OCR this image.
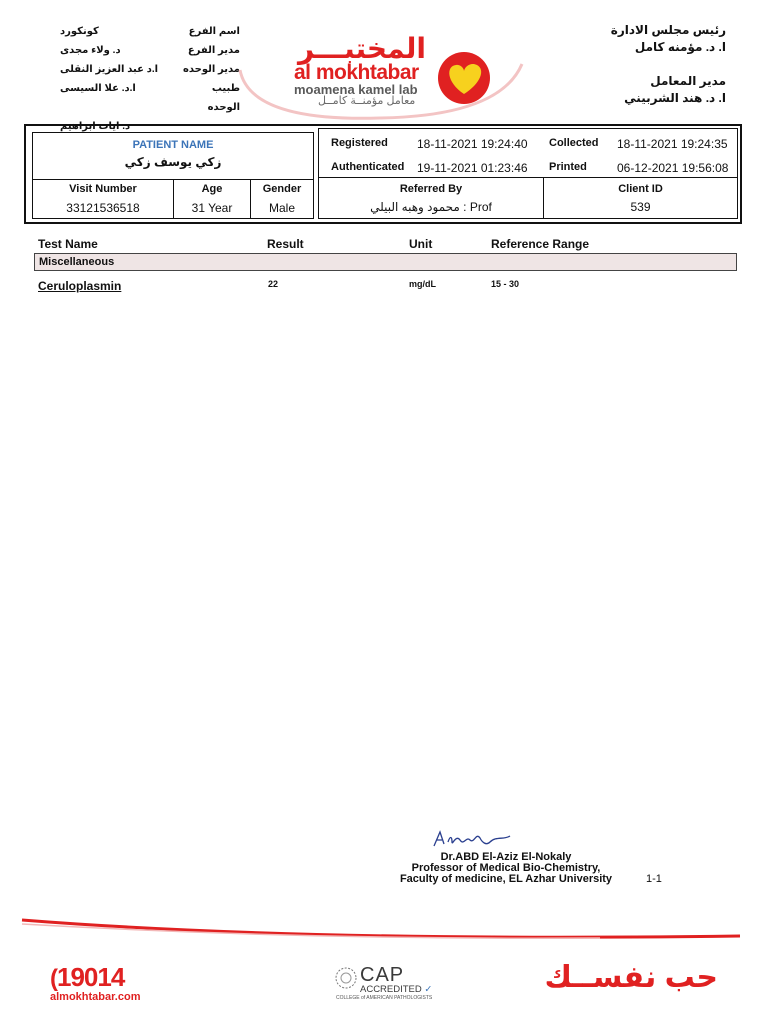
كونكورد	اسم الفرع
د. ولاء مجدى	مدير الفرع
ا.د عبد العزيز النقلى	مدير الوحده
ا.د. علا السيسى	طبيب الوحده
د. ايات ابراهيم
المختبـــر
al mokhtabar
moamena kamel lab
معامل مؤمنــة كامــل
رئيس مجلس الادارة
ا. د. مؤمنه كامل
مدير المعامل
ا. د. هند الشربيني
PATIENT NAME
زكي يوسف زكي
Visit Number
33121536518
Age
31 Year
Gender
Male
Registered 18-11-2021 19:24:40 Collected 18-11-2021 19:24:35
Authenticated 19-11-2021 01:23:46 Printed	06-12-2021 19:56:08
Referred By
Prof : محمود وهبه البيلي
Client ID
539
Test Name	Result	Unit	Reference Range
Miscellaneous
Ceruloplasmin	22	mg/dL	15 - 30
Dr.ABD El-Aziz El-Nokaly
Professor of Medical Bio-Chemistry,
Faculty of medicine, EL Azhar University	1-1
(19014
almokhtabar.com
CAP
ACCREDITED ✓
COLLEGE of AMERICAN PATHOLOGISTS
حب نفســك
